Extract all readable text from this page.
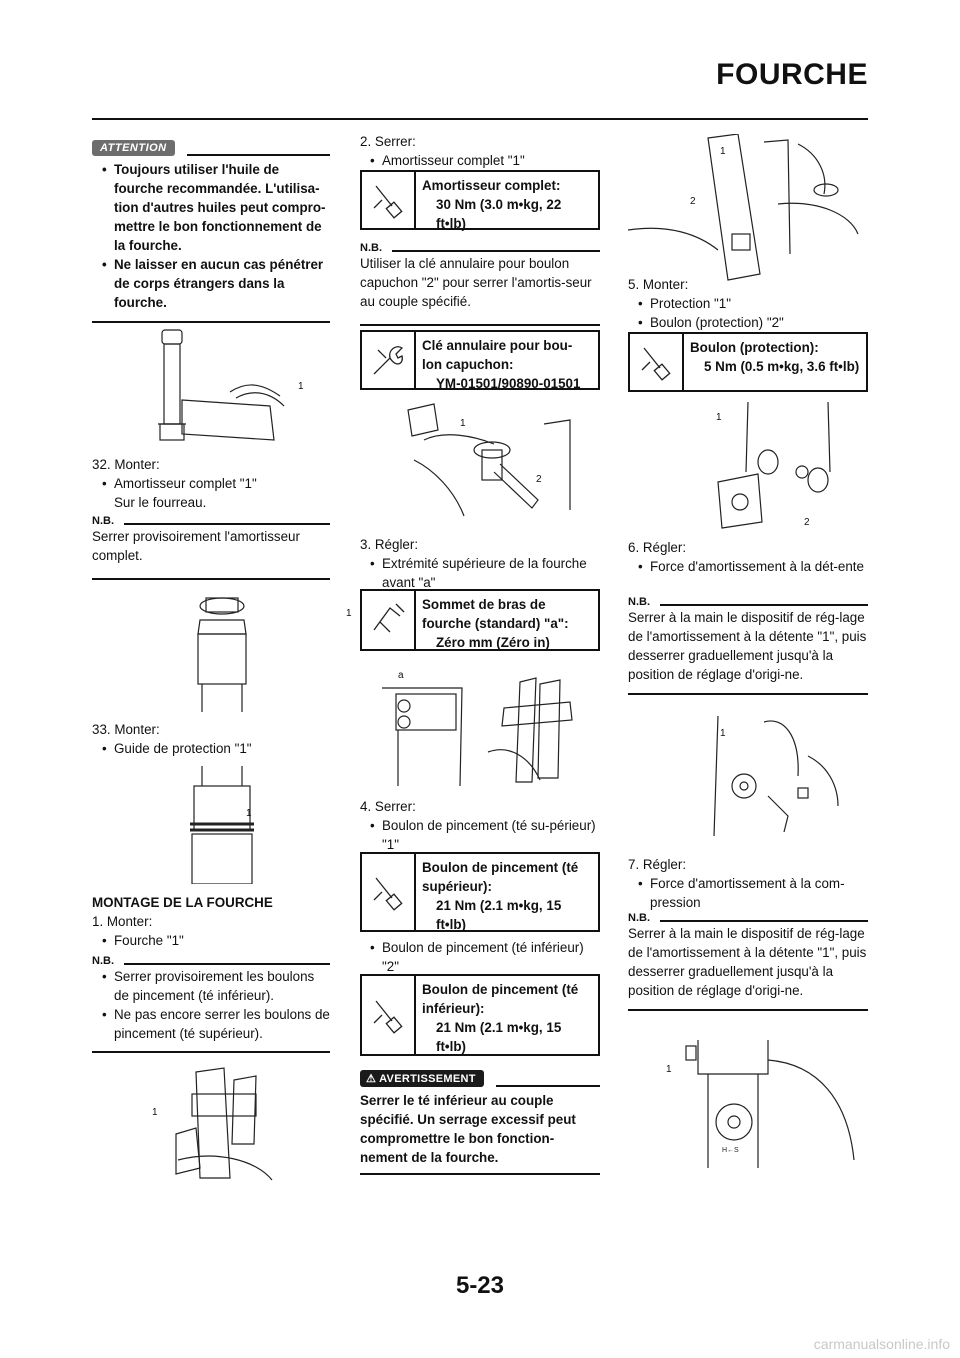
FOURCHE
ATTENTION
• Toujours utiliser l'huile de fourche recommandée. L'utilisa-tion d'autres huiles peut compro-mettre le bon fonctionnement de la fourche.
• Ne laisser en aucun cas pénétrer de corps étrangers dans la fourche.
1
32. Monter:
• Amortisseur complet "1"
Sur le fourreau.
N.B.
Serrer provisoirement l'amortisseur complet.
1
33. Monter:
• Guide de protection "1"
1
MONTAGE DE LA FOURCHE
1. Monter:
• Fourche "1"
N.B.
• Serrer provisoirement les boulons de pincement (té inférieur).
• Ne pas encore serrer les boulons de pincement (té supérieur).
1
2. Serrer:
• Amortisseur complet "1"
Amortisseur complet:
30 Nm (3.0 m•kg, 22 ft•lb)
N.B.
Utiliser la clé annulaire pour boulon capuchon "2" pour serrer l'amortis-seur au couple spécifié.
Clé annulaire pour bou-lon capuchon:
YM-01501/90890-01501
1
2
3. Régler:
• Extrémité supérieure de la fourche avant "a"
Sommet de bras de fourche (standard) "a":
Zéro mm (Zéro in)
a
4. Serrer:
• Boulon de pincement (té su-périeur) "1"
Boulon de pincement (té supérieur):
21 Nm (2.1 m•kg, 15 ft•lb)
• Boulon de pincement (té inférieur) "2"
Boulon de pincement (té inférieur):
21 Nm (2.1 m•kg, 15 ft•lb)
⚠ AVERTISSEMENT
Serrer le té inférieur au couple spécifié. Un serrage excessif peut compromettre le bon fonction-nement de la fourche.
1
2
5. Monter:
• Protection "1"
• Boulon (protection) "2"
Boulon (protection):
5 Nm (0.5 m•kg, 3.6 ft•lb)
1
2
6. Régler:
• Force d'amortissement à la dét-ente
N.B.
Serrer à la main le dispositif de rég-lage de l'amortissement à la détente "1", puis desserrer graduellement jusqu'à la position de réglage d'origi-ne.
1
7. Régler:
• Force d'amortissement à la com-pression
N.B.
Serrer à la main le dispositif de rég-lage de l'amortissement à la détente "1", puis desserrer graduellement jusqu'à la position de réglage d'origi-ne.
H←S
1
5-23
carmanualsonline.info
